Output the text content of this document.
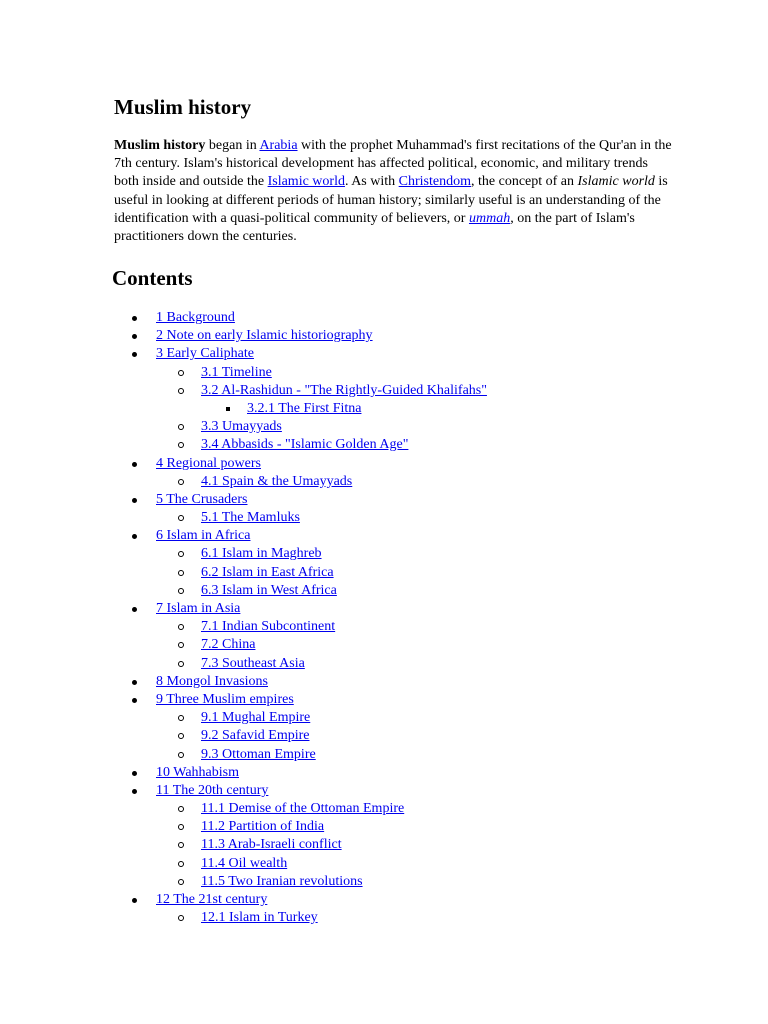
Muslim history

Muslim history began in Arabia with the prophet Muhammad's first recitations of the Qur'an in the 7th century. Islam's historical development has affected political, economic, and military trends both inside and outside the Islamic world. As with Christendom, the concept of an Islamic world is useful in looking at different periods of human history; similarly useful is an understanding of the identification with a quasi-political community of believers, or ummah, on the part of Islam's practitioners down the centuries.

Contents
1 Background
2 Note on early Islamic historiography
3 Early Caliphate
3.1 Timeline
3.2 Al-Rashidun - "The Rightly-Guided Khalifahs"
3.2.1 The First Fitna
3.3 Umayyads
3.4 Abbasids - "Islamic Golden Age"
4 Regional powers
4.1 Spain & the Umayyads
5 The Crusaders
5.1 The Mamluks
6 Islam in Africa
6.1 Islam in Maghreb
6.2 Islam in East Africa
6.3 Islam in West Africa
7 Islam in Asia
7.1 Indian Subcontinent
7.2 China
7.3 Southeast Asia
8 Mongol Invasions
9 Three Muslim empires
9.1 Mughal Empire
9.2 Safavid Empire
9.3 Ottoman Empire
10 Wahhabism
11 The 20th century
11.1 Demise of the Ottoman Empire
11.2 Partition of India
11.3 Arab-Israeli conflict
11.4 Oil wealth
11.5 Two Iranian revolutions
12 The 21st century
12.1 Islam in Turkey
